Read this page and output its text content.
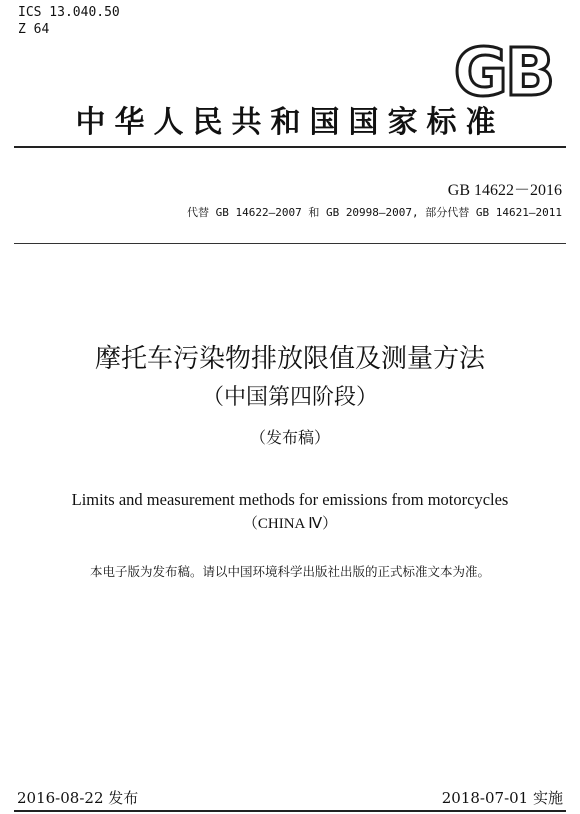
ICS 13.040.50
Z 64
GB
中华人民共和国国家标准
GB 14622－2016
代替 GB 14622—2007 和 GB 20998—2007, 部分代替 GB 14621—2011
摩托车污染物排放限值及测量方法
（中国第四阶段）
（发布稿）
Limits and measurement methods for emissions from motorcycles
（CHINA Ⅳ）
本电子版为发布稿。请以中国环境科学出版社出版的正式标准文本为准。
2016-08-22 发布	2018-07-01 实施
